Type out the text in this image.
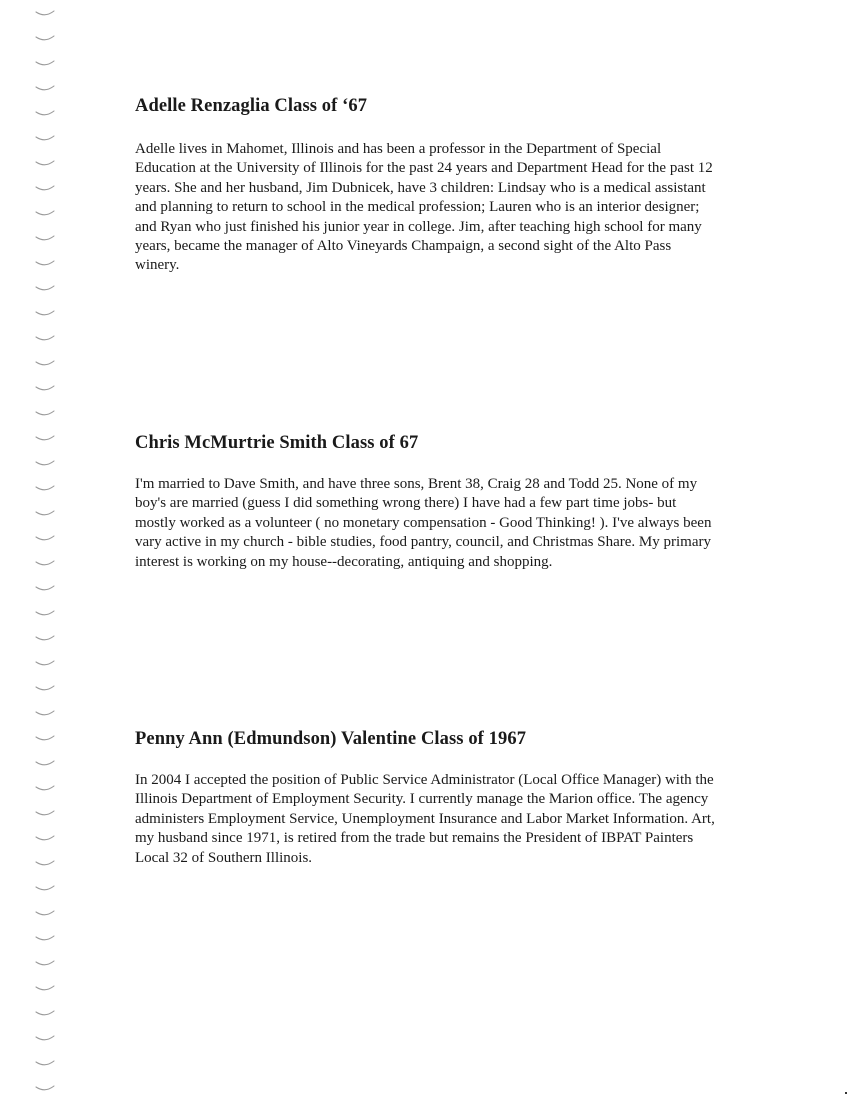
Adelle Renzaglia Class of ‘67

Adelle lives in Mahomet, Illinois and has been a professor in the Department of Special
Education at the University of Illinois for the past 24 years and Department Head for the past 12
years. She and her husband, Jim Dubnicek, have 3 children: Lindsay who is a medical assistant
and planning to return to school in the medical profession; Lauren who is an interior designer;
and Ryan who just finished his junior year in college. Jim, after teaching high school for many
years, became the manager of Alto Vineyards Champaign, a second sight of the Alto Pass
winery.

Chris McMurtrie Smith Class of 67

I'm married to Dave Smith, and have three sons, Brent 38, Craig 28 and Todd 25. None of my
boy's are married (guess I did something wrong there) I have had a few part time jobs- but
mostly worked as a volunteer ( no monetary compensation - Good Thinking! ). I've always been
vary active in my church - bible studies, food pantry, council, and Christmas Share. My primary
interest is working on my house--decorating, antiquing and shopping.

Penny Ann (Edmundson) Valentine Class of 1967

In 2004 I accepted the position of Public Service Administrator (Local Office Manager) with the
Illinois Department of Employment Security. I currently manage the Marion office. The agency
administers Employment Service, Unemployment Insurance and Labor Market Information. Art,
my husband since 1971, is retired from the trade but remains the President of IBPAT Painters
Local 32 of Southern Illinois.
